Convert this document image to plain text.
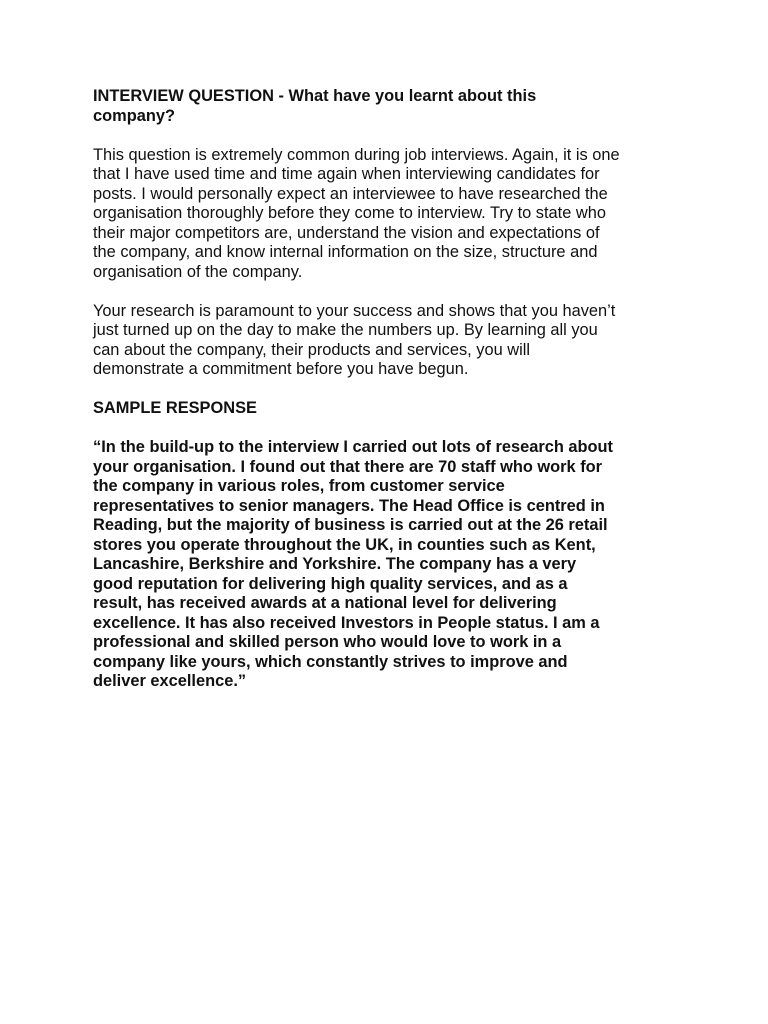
INTERVIEW QUESTION - What have you learnt about this
company?
This question is extremely common during job interviews. Again, it is one
that I have used time and time again when interviewing candidates for
posts. I would personally expect an interviewee to have researched the
organisation thoroughly before they come to interview. Try to state who
their major competitors are, understand the vision and expectations of
the company, and know internal information on the size, structure and
organisation of the company.
Your research is paramount to your success and shows that you haven’t
just turned up on the day to make the numbers up. By learning all you
can about the company, their products and services, you will
demonstrate a commitment before you have begun.
SAMPLE RESPONSE
“In the build-up to the interview I carried out lots of research about
your organisation. I found out that there are 70 staff who work for
the company in various roles, from customer service
representatives to senior managers. The Head Office is centred in
Reading, but the majority of business is carried out at the 26 retail
stores you operate throughout the UK, in counties such as Kent,
Lancashire, Berkshire and Yorkshire. The company has a very
good reputation for delivering high quality services, and as a
result, has received awards at a national level for delivering
excellence. It has also received Investors in People status. I am a
professional and skilled person who would love to work in a
company like yours, which constantly strives to improve and
deliver excellence.”
